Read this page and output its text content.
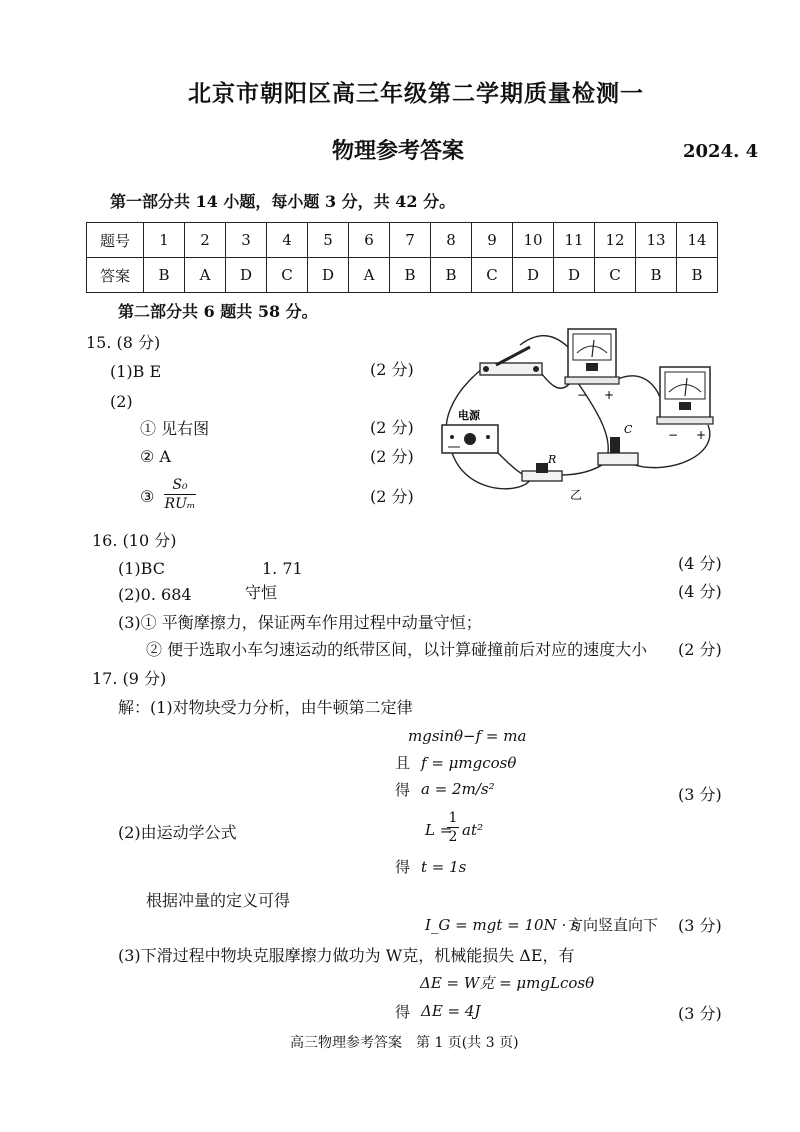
北京市朝阳区高三年级第二学期质量检测一
物理参考答案	2024. 4
第一部分共 14 小题，每小题 3 分，共 42 分。
题号	1	2	3	4	5	6	7	8	9	10	11	12	13	14
答案	B	A	D	C	D	A	B	B	C	D	D	C	B	B
第二部分共 6 题共 58 分。
15. (8 分)
(1)B E	(2 分)
(2)
① 见右图	(2 分)
② A	(2 分)
③
S₀
RUₘ	(2 分)
− +
− +
电源
R
C
乙
16. (10 分)
(1)BC	1. 71	(4 分)
(2)0. 684	守恒	(4 分)
(3)① 平衡摩擦力，保证两车作用过程中动量守恒；
② 便于选取小车匀速运动的纸带区间，以计算碰撞前后对应的速度大小 (2 分)
17. (9 分)
解：(1)对物块受力分析，由牛顿第二定律
mgsinθ−f = ma
且 f = μmgcosθ
得 a = 2m/s²	(3 分)
(2)由运动学公式	L =
1
2 at²
得 t = 1s
根据冲量的定义可得
I_G = mgt = 10N · s
方向竖直向下 (3 分)
(3)下滑过程中物块克服摩擦力做功为 W克，机械能损失 ΔE，有
ΔE = W克 = μmgLcosθ
得 ΔE = 4J	(3 分)
高三物理参考答案　第 1 页(共 3 页)
